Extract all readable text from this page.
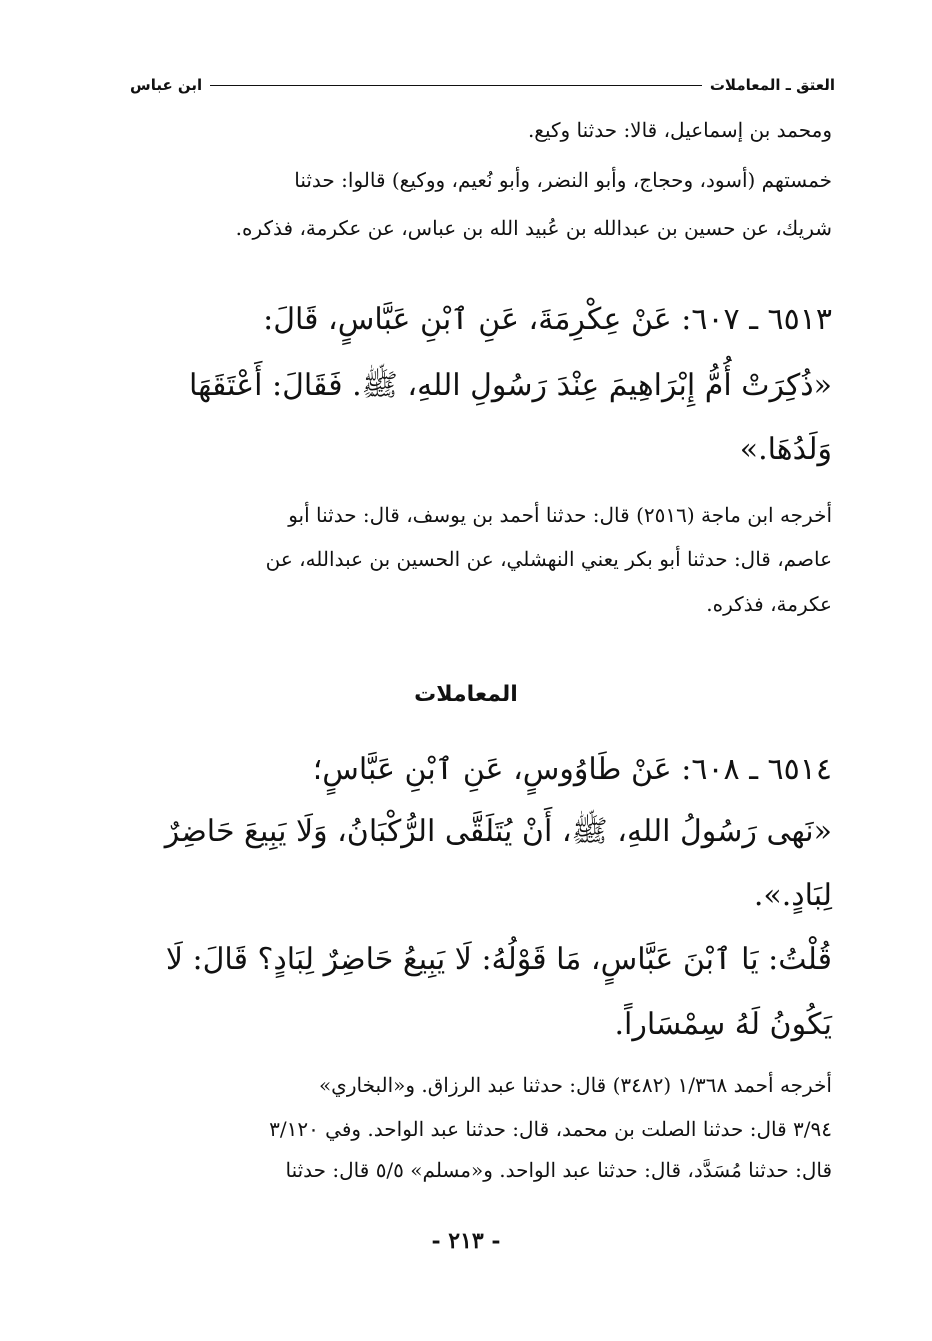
العتق ـ المعاملات
ابن عباس
ومحمد بن إسماعيل، قالا: حدثنا وكيع.
خمستهم (أسود، وحجاج، وأبو النضر، وأبو نُعيم، ووكيع) قالوا: حدثنا
شريك، عن حسين بن عبدالله بن عُبيد الله بن عباس، عن عكرمة، فذكره.
٦٥١٣ ـ ٦٠٧: عَنْ عِكْرِمَةَ، عَنِ ٱبْنِ عَبَّاسٍ، قَالَ:
«ذُكِرَتْ أُمُّ إِبْرَاهِيمَ عِنْدَ رَسُولِ اللهِ، ﷺ. فَقَالَ: أَعْتَقَهَا
وَلَدُهَا.»
أخرجه ابن ماجة (٢٥١٦) قال: حدثنا أحمد بن يوسف، قال: حدثنا أبو
عاصم، قال: حدثنا أبو بكر يعني النهشلي، عن الحسين بن عبدالله، عن
عكرمة، فذكره.
المعاملات
٦٥١٤ ـ ٦٠٨: عَنْ طَاوُوسٍ، عَنِ ٱبْنِ عَبَّاسٍ؛
«نَهى رَسُولُ اللهِ، ﷺ، أَنْ يُتَلَقَّى الرُّكْبَانُ، وَلَا يَبِيعَ حَاضِرٌ
لِبَادٍ.».
قُلْتُ: يَا ٱبْنَ عَبَّاسٍ، مَا قَوْلُهُ: لَا يَبِيعُ حَاضِرٌ لِبَادٍ؟ قَالَ: لَا
يَكُونُ لَهُ سِمْسَاراً.
أخرجه أحمد ١/٣٦٨ (٣٤٨٢) قال: حدثنا عبد الرزاق. و«البخاري»
٣/٩٤ قال: حدثنا الصلت بن محمد، قال: حدثنا عبد الواحد. وفي ٣/١٢٠
قال: حدثنا مُسَدَّد، قال: حدثنا عبد الواحد. و«مسلم» ٥/٥ قال: حدثنا
- ٢١٣ -
